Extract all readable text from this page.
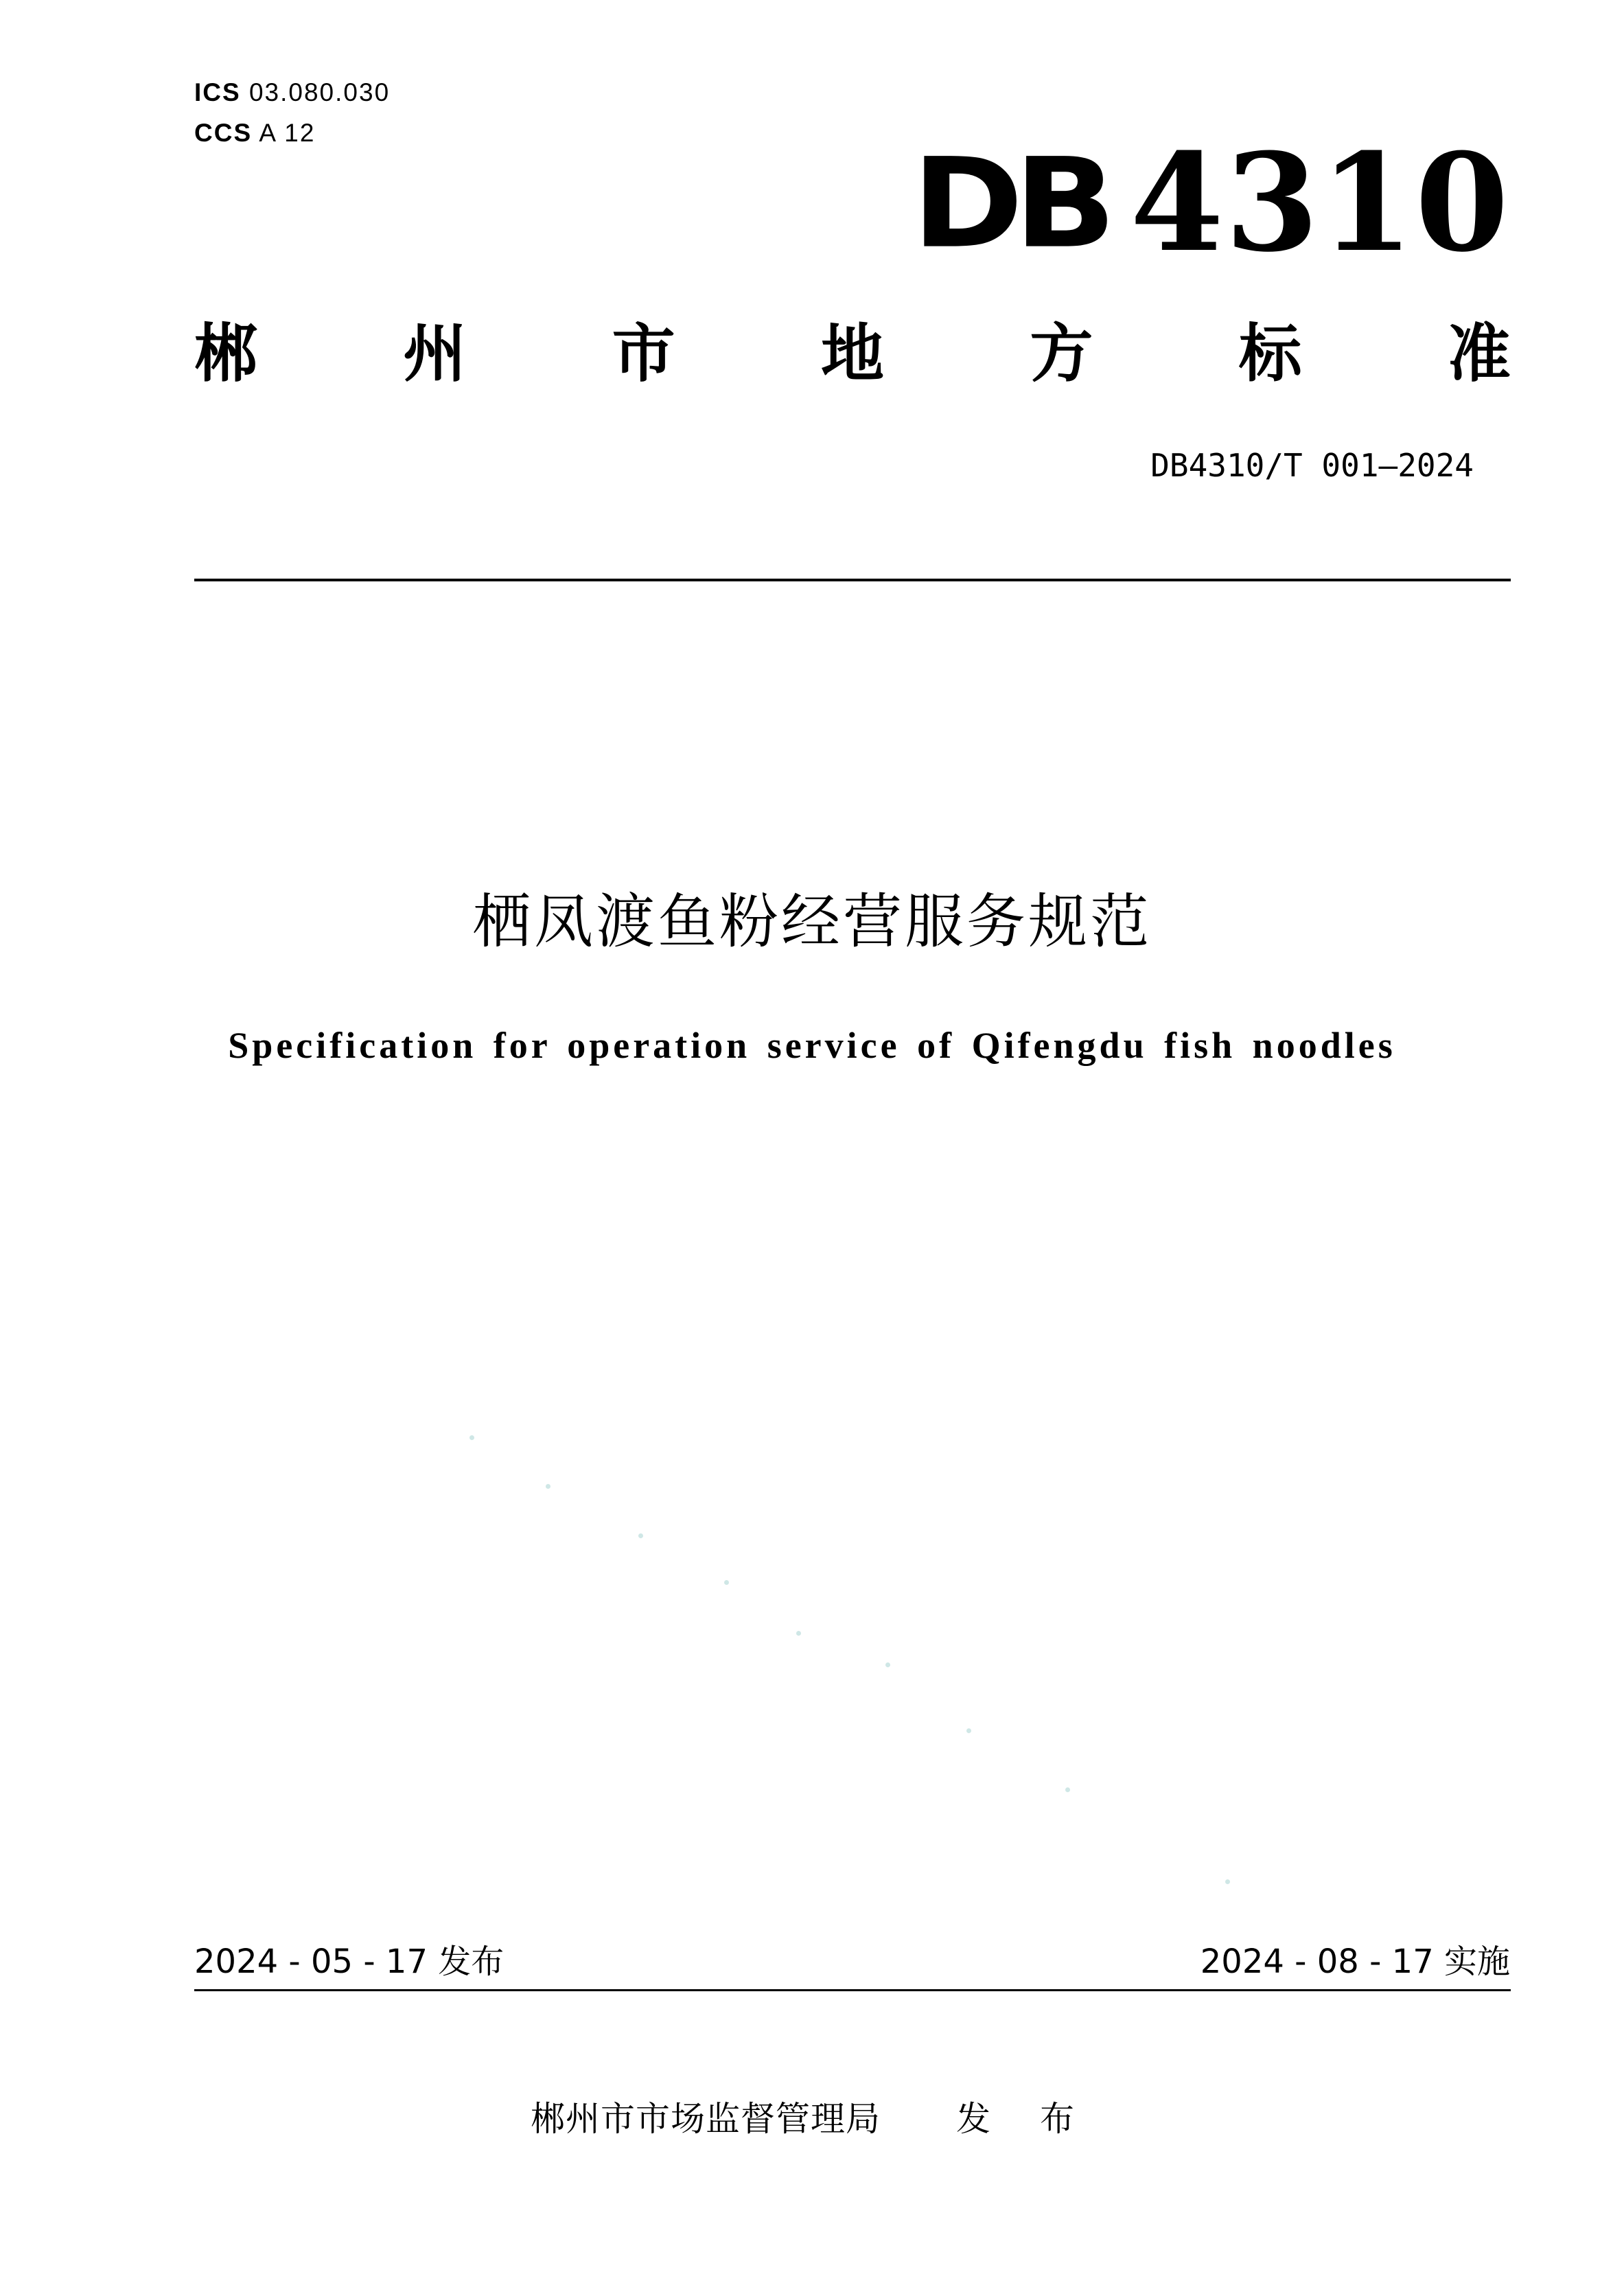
ICS 03.080.030
CCS A 12	DB 4310
郴 州 市 地 方 标 准
DB4310/T 001—2024
栖凤渡鱼粉经营服务规范
Specification for operation service of Qifengdu fish noodles
2024 - 05 - 17 发布	2024 - 08 - 17 实施
郴州市市场监督管理局 发 布
